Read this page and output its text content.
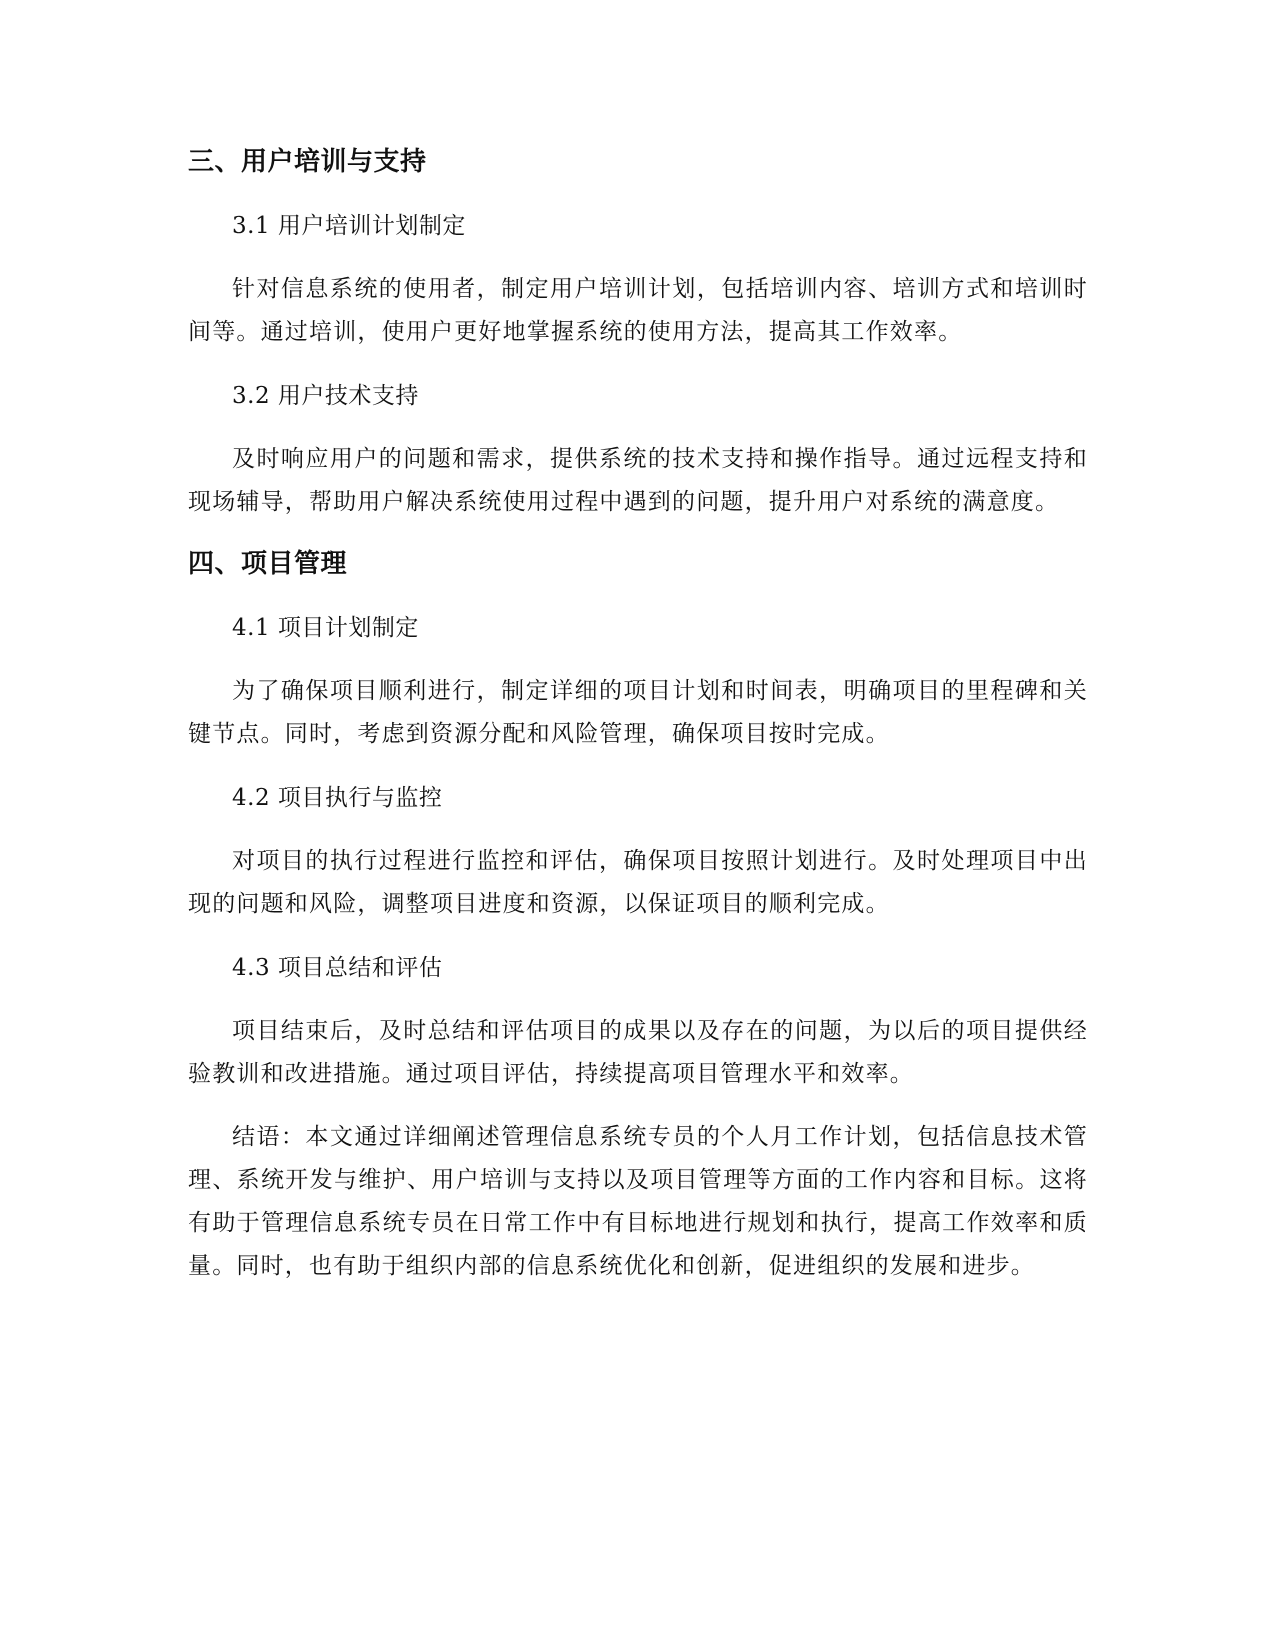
三、用户培训与支持
3.1 用户培训计划制定
针对信息系统的使用者，制定用户培训计划，包括培训内容、培训方式和培训时间等。通过培训，使用户更好地掌握系统的使用方法，提高其工作效率。
3.2 用户技术支持
及时响应用户的问题和需求，提供系统的技术支持和操作指导。通过远程支持和现场辅导，帮助用户解决系统使用过程中遇到的问题，提升用户对系统的满意度。
四、项目管理
4.1 项目计划制定
为了确保项目顺利进行，制定详细的项目计划和时间表，明确项目的里程碑和关键节点。同时，考虑到资源分配和风险管理，确保项目按时完成。
4.2 项目执行与监控
对项目的执行过程进行监控和评估，确保项目按照计划进行。及时处理项目中出现的问题和风险，调整项目进度和资源，以保证项目的顺利完成。
4.3 项目总结和评估
项目结束后，及时总结和评估项目的成果以及存在的问题，为以后的项目提供经验教训和改进措施。通过项目评估，持续提高项目管理水平和效率。
结语：本文通过详细阐述管理信息系统专员的个人月工作计划，包括信息技术管理、系统开发与维护、用户培训与支持以及项目管理等方面的工作内容和目标。这将有助于管理信息系统专员在日常工作中有目标地进行规划和执行，提高工作效率和质量。同时，也有助于组织内部的信息系统优化和创新，促进组织的发展和进步。
